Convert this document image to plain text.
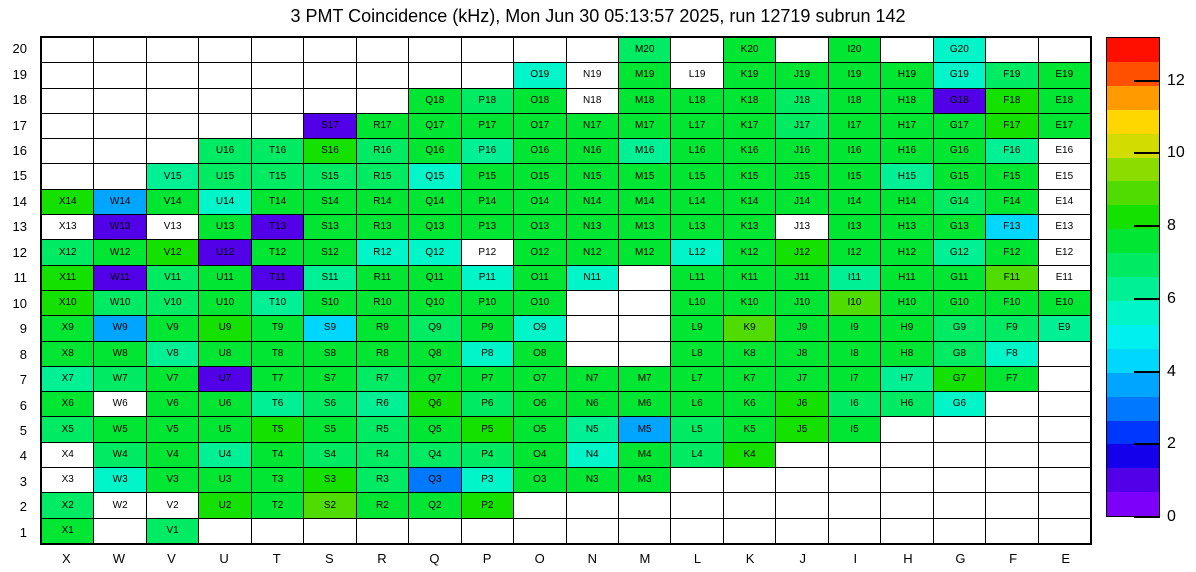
3 PMT Coincidence (kHz), Mon Jun 30 05:13:57 2025, run 12719 subrun 142
20
19
18
17
16
15
14
13
12
11
10
9
8
7
6
5
4
3
2
1
M20	K20	I20	G20
O19	N19	M19	L19	K19	J19	I19	H19	G19	F19	E19
Q18	P18	O18	N18	M18	L18	K18	J18	I18	H18	G18	F18	E18
S17	R17	Q17	P17	O17	N17	M17	L17	K17	J17	I17	H17	G17	F17	E17
U16	T16	S16	R16	Q16	P16	O16	N16	M16	L16	K16	J16	I16	H16	G16	F16	E16
V15	U15	T15	S15	R15	Q15	P15	O15	N15	M15	L15	K15	J15	I15	H15	G15	F15	E15
X14	W14	V14	U14	T14	S14	R14	Q14	P14	O14	N14	M14	L14	K14	J14	I14	H14	G14	F14	E14
X13	W13	V13	U13	T13	S13	R13	Q13	P13	O13	N13	M13	L13	K13	J13	I13	H13	G13	F13	E13
X12	W12	V12	U12	T12	S12	R12	Q12	P12	O12	N12	M12	L12	K12	J12	I12	H12	G12	F12	E12
X11	W11	V11	U11	T11	S11	R11	Q11	P11	O11	N11	L11	K11	J11	I11	H11	G11	F11	E11
X10	W10	V10	U10	T10	S10	R10	Q10	P10	O10	L10	K10	J10	I10	H10	G10	F10	E10
X9	W9	V9	U9	T9	S9	R9	Q9	P9	O9	L9	K9	J9	I9	H9	G9	F9	E9
X8	W8	V8	U8	T8	S8	R8	Q8	P8	O8	L8	K8	J8	I8	H8	G8	F8
X7	W7	V7	U7	T7	S7	R7	Q7	P7	O7	N7	M7	L7	K7	J7	I7	H7	G7	F7
X6	W6	V6	U6	T6	S6	R6	Q6	P6	O6	N6	M6	L6	K6	J6	I6	H6	G6
X5	W5	V5	U5	T5	S5	R5	Q5	P5	O5	N5	M5	L5	K5	J5	I5
X4	W4	V4	U4	T4	S4	R4	Q4	P4	O4	N4	M4	L4	K4
X3	W3	V3	U3	T3	S3	R3	Q3	P3	O3	N3	M3
X2	W2	V2	U2	T2	S2	R2	Q2	P2
X1	V1
X	W	V	U	T	S	R	Q	P	O	N	M	L	K	J	I	H	G	F	E
0
2
4
6
8
10
12
